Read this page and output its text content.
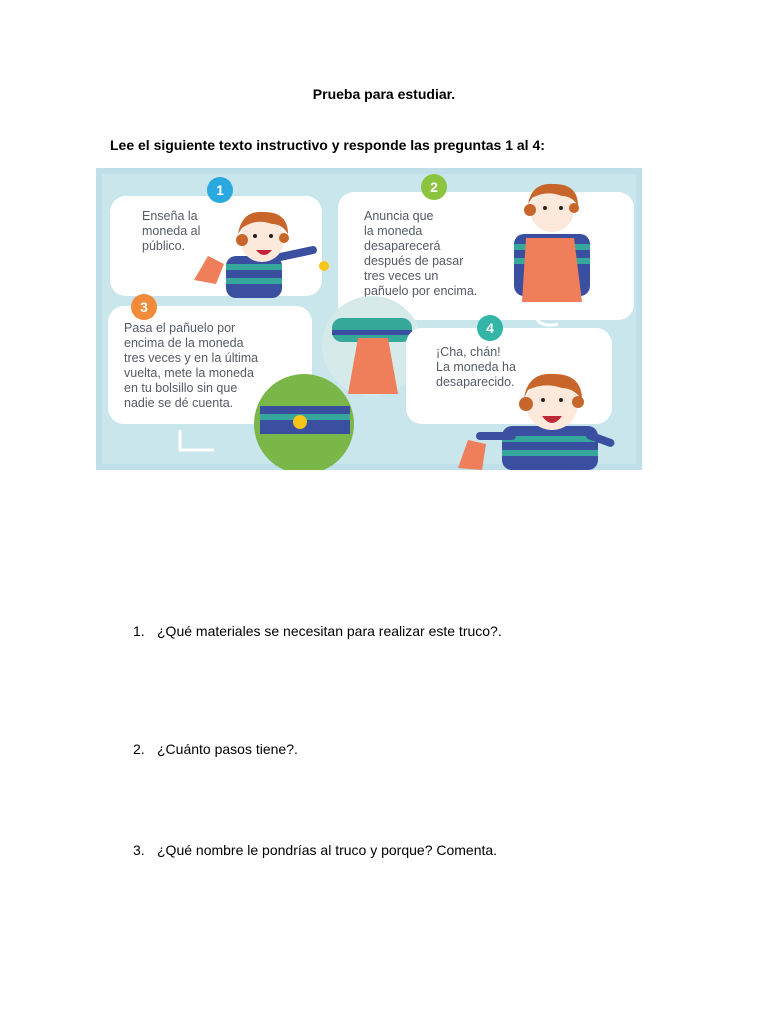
Prueba para estudiar.
Lee el siguiente texto instructivo y responde las preguntas 1 al 4:
1
Enseña la moneda al público.
2
Anuncia que la moneda desaparecerá después de pasar tres veces un pañuelo por encima.
3
Pasa el pañuelo por encima de la moneda tres veces y en la última vuelta, mete la moneda en tu bolsillo sin que nadie se dé cuenta.
4
¡Cha, chán! La moneda ha desaparecido.
1. ¿Qué materiales se necesitan para realizar este truco?.
2. ¿Cuánto pasos tiene?.
3. ¿Qué nombre le pondrías al truco y porque? Comenta.
